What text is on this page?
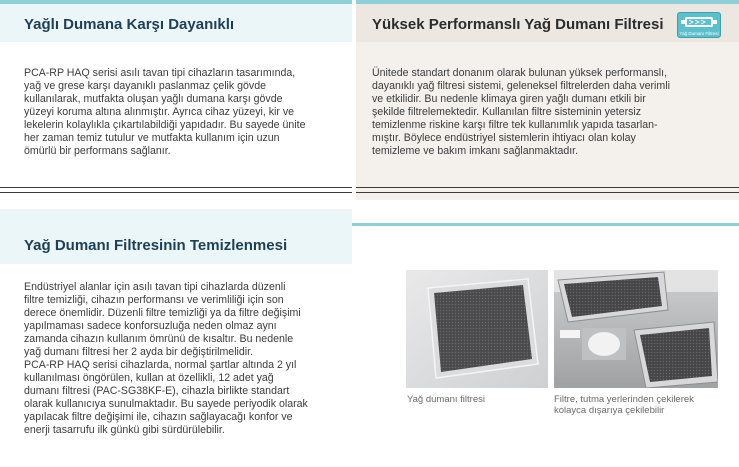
Yağlı Dumana Karşı Dayanıklı

PCA-RP HAQ serisi asılı tavan tipi cihazların tasarımında,
yağ ve grese karşı dayanıklı paslanmaz çelik gövde
kullanılarak, mutfakta oluşan yağlı dumana karşı gövde
yüzeyi koruma altına alınmıştır. Ayrıca cihaz yüzeyi, kir ve
lekelerin kolaylıkla çıkartılabildiği yapıdadır. Bu sayede ünite
her zaman temiz tutulur ve mutfakta kullanım için uzun
ömürlü bir performans sağlanır.

Yüksek Performanslı Yağ Dumanı Filtresi

Ünitede standart donanım olarak bulunan yüksek performanslı,
dayanıklı yağ filtresi sistemi, geleneksel filtrelerden daha verimli
ve etkilidir. Bu nedenle klimaya giren yağlı dumanı etkili bir
şekilde filtrelemektedir. Kullanılan filtre sisteminin yetersiz
temizlenme riskine karşı filtre tek kullanımlık yapıda tasarlan-
mıştır. Böylece endüstriyel sistemlerin ihtiyacı olan kolay
temizleme ve bakım imkanı sağlanmaktadır.

Yağ Dumanı Filtresi
Yağ Dumanı Filtresinin Temizlenmesi

Endüstriyel alanlar için asılı tavan tipi cihazlarda düzenli
filtre temizliği, cihazın performansı ve verimliliği için son
derece önemlidir. Düzenli filtre temizliği ya da filtre değişimi
yapılmaması sadece konforsuzluğa neden olmaz aynı
zamanda cihazın kullanım ömrünü de kısaltır. Bu nedenle
yağ dumanı filtresi her 2 ayda bir değiştirilmelidir.
PCA-RP HAQ serisi cihazlarda, normal şartlar altında 2 yıl
kullanılması öngörülen, kullan at özellikli, 12 adet yağ
dumanı filtresi (PAC-SG38KF-E), cihazla birlikte standart
olarak kullanıcıya sunulmaktadır. Bu sayede periyodik olarak
yapılacak filtre değişimi ile, cihazın sağlayacağı konfor ve
enerji tasarrufu ilk günkü gibi sürdürülebilir.

Yağ dumanı filtresi	Filtre, tutma yerlerinden çekilerek
kolayca dışarıya çekilebilir
